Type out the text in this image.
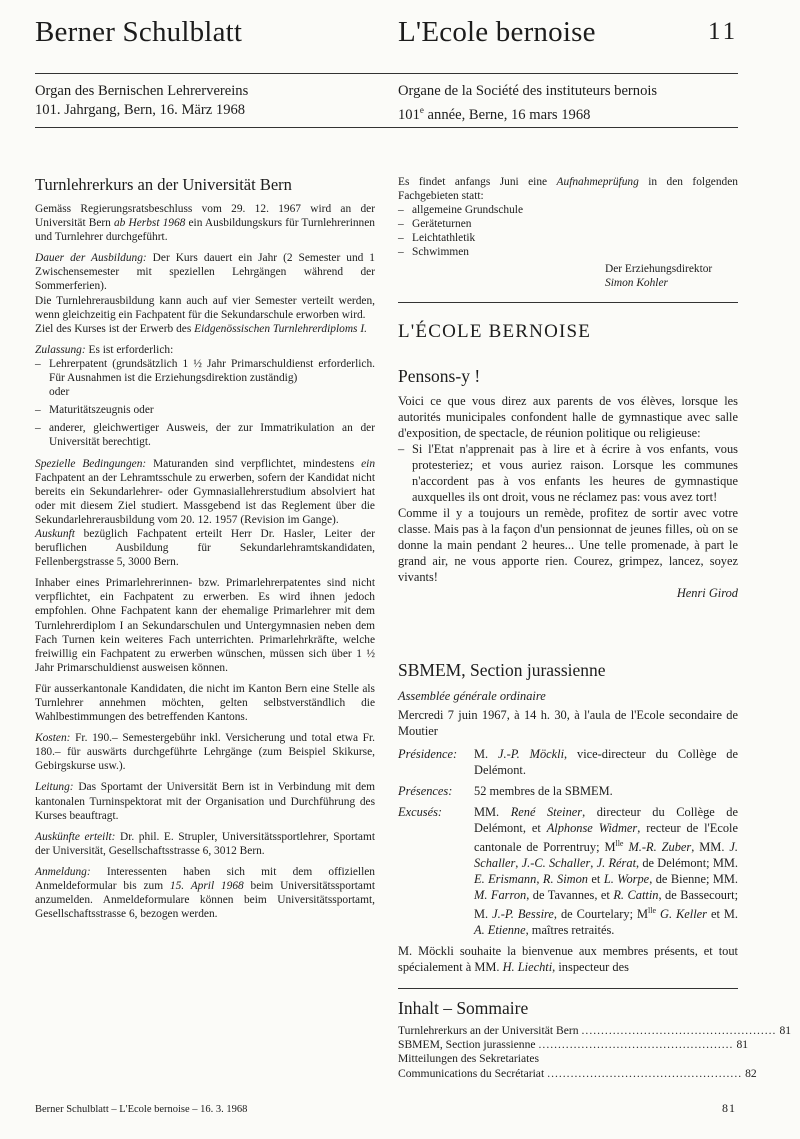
Berner Schulblatt	L'Ecole bernoise	11
Organ des Bernischen Lehrervereins
101. Jahrgang, Bern, 16. März 1968
Organe de la Société des instituteurs bernois
101e année, Berne, 16 mars 1968
Turnlehrerkurs an der Universität Bern

Gemäss Regierungsratsbeschluss vom 29. 12. 1967 wird an der Universität Bern ab Herbst 1968 ein Ausbildungskurs für Turnlehrerinnen und Turnlehrer durchgeführt.

Dauer der Ausbildung: Der Kurs dauert ein Jahr (2 Semester und 1 Zwischensemester mit speziellen Lehrgängen während der Sommerferien).

Die Turnlehrerausbildung kann auch auf vier Semester verteilt werden, wenn gleichzeitig ein Fachpatent für die Sekundarschule erworben wird.

Ziel des Kurses ist der Erwerb des Eidgenössischen Turnlehrerdiploms I.

Zulassung: Es ist erforderlich:

– Lehrerpatent (grundsätzlich 1 ½ Jahr Primarschuldienst erforderlich. Für Ausnahmen ist die Erziehungsdirektion zuständig)
oder
– Maturitätszeugnis oder
– anderer, gleichwertiger Ausweis, der zur Immatrikulation an der Universität berechtigt.

Spezielle Bedingungen: Maturanden sind verpflichtet, mindestens ein Fachpatent an der Lehramtsschule zu erwerben, sofern der Kandidat nicht bereits ein Sekundarlehrer- oder Gymnasiallehrerstudium absolviert hat oder mit diesem Ziel studiert. Massgebend ist das Reglement über die Sekundarlehrerausbildung vom 20. 12. 1957 (Revision im Gange).

Auskunft bezüglich Fachpatent erteilt Herr Dr. Hasler, Leiter der beruflichen Ausbildung für Sekundarlehramtskandidaten, Fellenbergstrasse 5, 3000 Bern.

Inhaber eines Primarlehrerinnen- bzw. Primarlehrerpatentes sind nicht verpflichtet, ein Fachpatent zu erwerben. Es wird ihnen jedoch empfohlen. Ohne Fachpatent kann der ehemalige Primarlehrer mit dem Turnlehrerdiplom I an Sekundarschulen und Untergymnasien neben dem Fach Turnen kein weiteres Fach unterrichten. Primarlehrkräfte, welche freiwillig ein Fachpatent zu erwerben wünschen, müssen sich über 1 ½ Jahr Primarschuldienst ausweisen können.

Für ausserkantonale Kandidaten, die nicht im Kanton Bern eine Stelle als Turnlehrer annehmen möchten, gelten selbstverständlich die Wahlbestimmungen des betreffenden Kantons.

Kosten: Fr. 190.– Semestergebühr inkl. Versicherung und total etwa Fr. 180.– für auswärts durchgeführte Lehrgänge (zum Beispiel Skikurse, Gebirgskurse usw.).

Leitung: Das Sportamt der Universität Bern ist in Verbindung mit dem kantonalen Turninspektorat mit der Organisation und Durchführung des Kurses beauftragt.

Auskünfte erteilt: Dr. phil. E. Strupler, Universitätssportlehrer, Sportamt der Universität, Gesellschaftsstrasse 6, 3012 Bern.

Anmeldung: Interessenten haben sich mit dem offiziellen Anmeldeformular bis zum 15. April 1968 beim Universitätssportamt anzumelden. Anmeldeformulare können beim Universitätssportamt, Gesellschaftsstrasse 6, bezogen werden.

Es findet anfangs Juni eine Aufnahmeprüfung in den folgenden Fachgebieten statt:

– allgemeine Grundschule
– Geräteturnen
– Leichtathletik
– Schwimmen
Der Erziehungsdirektor
Simon Kohler
L'ÉCOLE BERNOISE
Pensons-y !

Voici ce que vous direz aux parents de vos élèves, lorsque les autorités municipales confondent halle de gymnastique avec salle d'exposition, de spectacle, de réunion politique ou religieuse:

– Si l'Etat n'apprenait pas à lire et à écrire à vos enfants, vous protesteriez; et vous auriez raison. Lorsque les communes n'accordent pas à vos enfants les heures de gymnastique auxquelles ils ont droit, vous ne réclamez pas: vous avez tort!

Comme il y a toujours un remède, profitez de sortir avec votre classe. Mais pas à la façon d'un pensionnat de jeunes filles, où on se donne la main pendant 2 heures... Une telle promenade, à part le grand air, ne vous apporte rien. Courez, grimpez, lancez, soyez vivants!

Henri Girod

SBMEM, Section jurassienne

Assemblée générale ordinaire

Mercredi 7 juin 1967, à 14 h. 30, à l'aula de l'Ecole secondaire de Moutier

Présidence:	M. J.-P. Möckli, vice-directeur du Collège de Delémont.
Présences:	52 membres de la SBMEM.
Excusés:	MM. René Steiner, directeur du Collège de Delémont, et Alphonse Widmer, recteur de l'Ecole cantonale de Porrentruy; $M^{lle}$ M.-R. Zuber, MM. J. Schaller, J.-C. Schaller, J. Rérat, de Delémont; MM. E. Erismann, R. Simon et L. Worpe, de Bienne; MM. M. Farron, de Tavannes, et R. Cattin, de Bassecourt; M. J.-P. Bessire, de Courtelary; $M^{lle}$ G. Keller et M. A. Etienne, maîtres retraités.

M. Möckli souhaite la bienvenue aux membres présents, et tout spécialement à MM. H. Liechti, inspecteur des

Inhalt – Sommaire
Turnlehrerkurs an der Universität Bern .................................................. 81
SBMEM, Section jurassienne .................................................. 81
Mitteilungen des Sekretariates
Communications du Secrétariat .................................................. 82
Berner Schulblatt – L'Ecole bernoise – 16. 3. 1968	81
